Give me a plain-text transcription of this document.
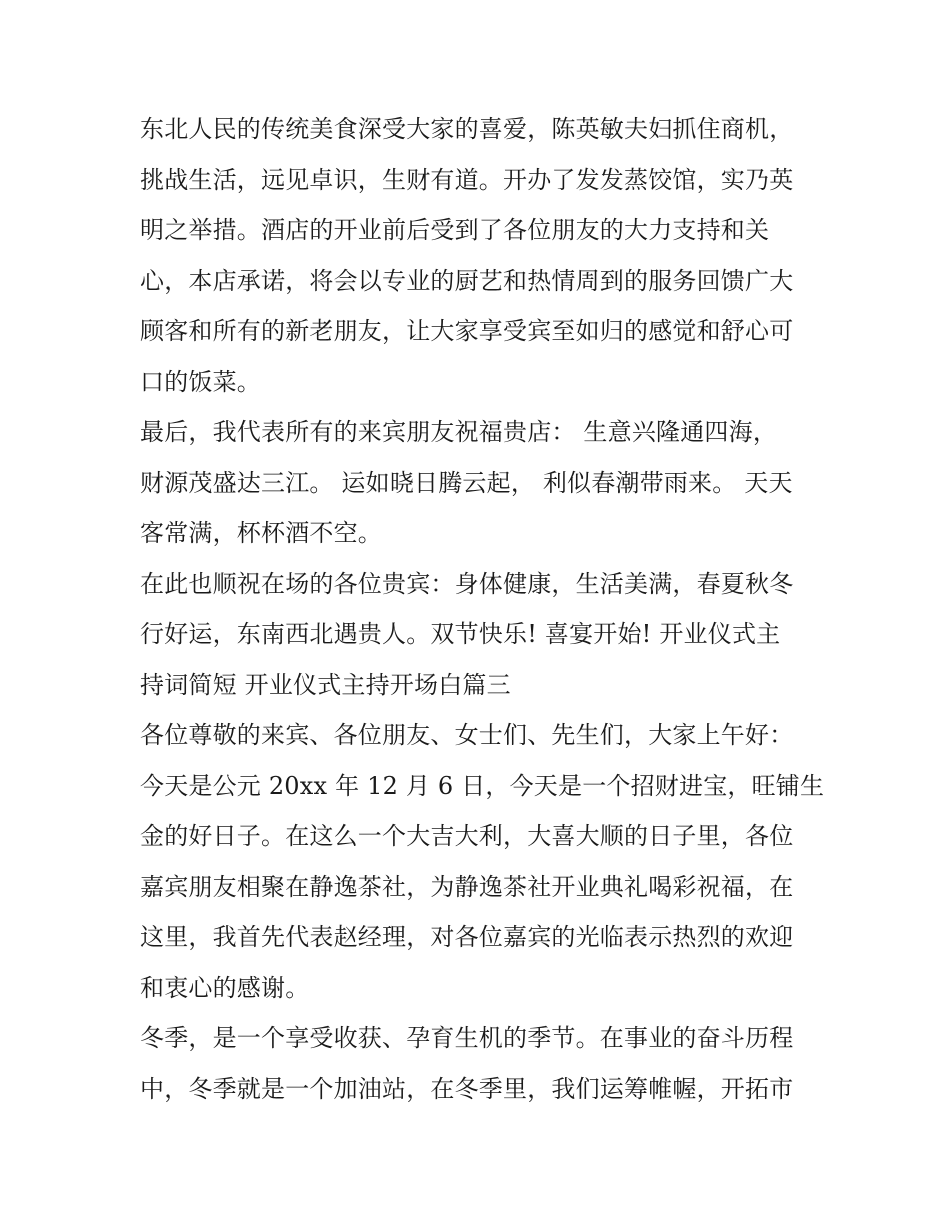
东北人民的传统美食深受大家的喜爱，陈英敏夫妇抓住商机，
挑战生活，远见卓识，生财有道。开办了发发蒸饺馆，实乃英
明之举措。酒店的开业前后受到了各位朋友的大力支持和关
心，本店承诺，将会以专业的厨艺和热情周到的服务回馈广大
顾客和所有的新老朋友，让大家享受宾至如归的感觉和舒心可
口的饭菜。
最后，我代表所有的来宾朋友祝福贵店： 生意兴隆通四海，
财源茂盛达三江。 运如晓日腾云起， 利似春潮带雨来。 天天
客常满，杯杯酒不空。
在此也顺祝在场的各位贵宾：身体健康，生活美满，春夏秋冬
行好运，东南西北遇贵人。双节快乐! 喜宴开始! 开业仪式主
持词简短 开业仪式主持开场白篇三
各位尊敬的来宾、各位朋友、女士们、先生们，大家上午好：
今天是公元 20xx 年 12 月 6 日，今天是一个招财进宝，旺铺生
金的好日子。在这么一个大吉大利，大喜大顺的日子里，各位
嘉宾朋友相聚在静逸茶社，为静逸茶社开业典礼喝彩祝福，在
这里，我首先代表赵经理，对各位嘉宾的光临表示热烈的欢迎
和衷心的感谢。
冬季，是一个享受收获、孕育生机的季节。在事业的奋斗历程
中，冬季就是一个加油站，在冬季里，我们运筹帷幄，开拓市
